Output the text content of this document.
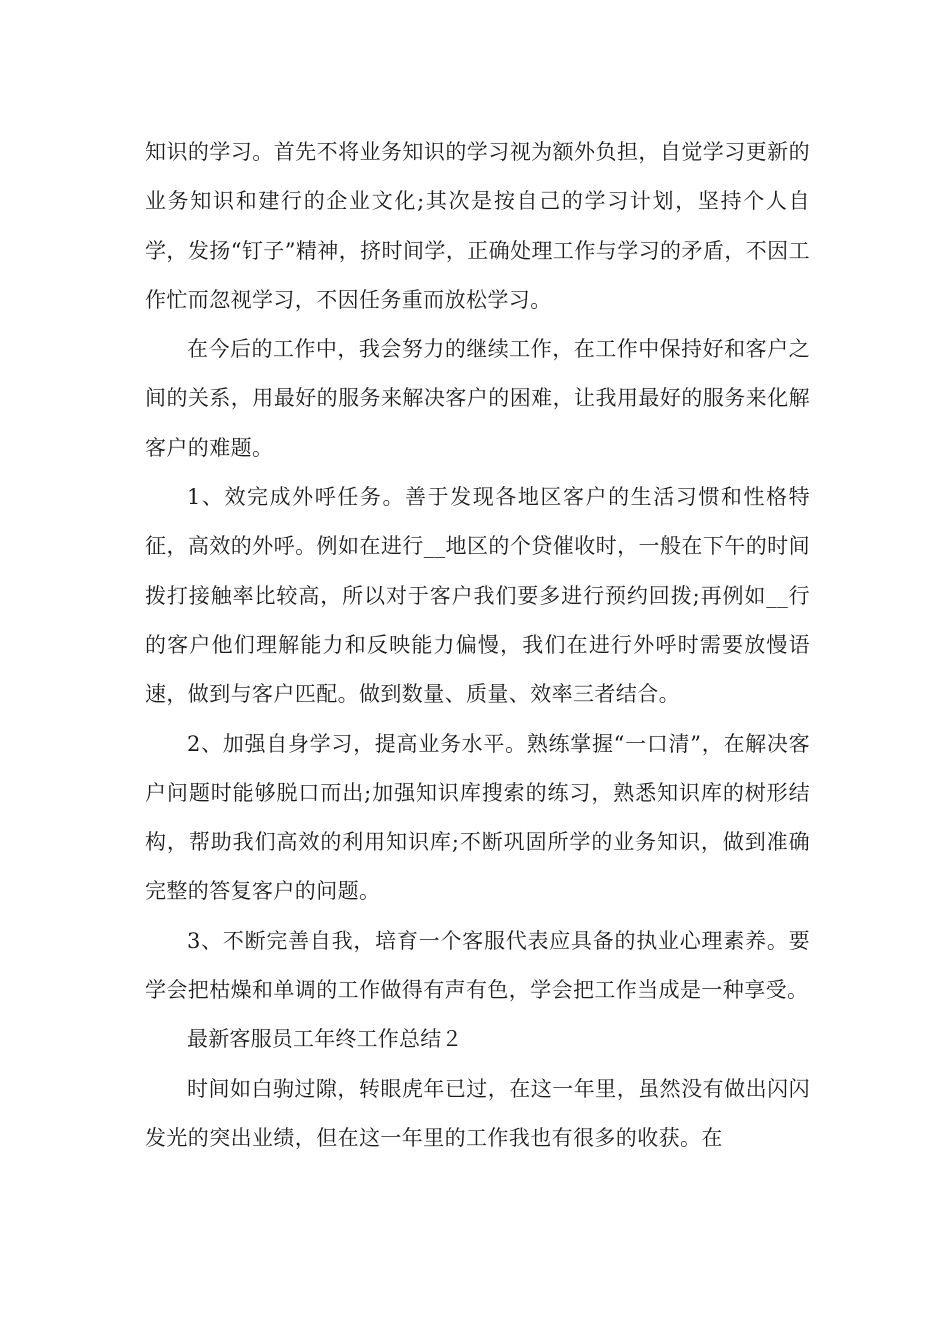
知识的学习。首先不将业务知识的学习视为额外负担，自觉学习更新的业务知识和建行的企业文化;其次是按自己的学习计划，坚持个人自学，发扬“钉子”精神，挤时间学，正确处理工作与学习的矛盾，不因工作忙而忽视学习，不因任务重而放松学习。

在今后的工作中，我会努力的继续工作，在工作中保持好和客户之间的关系，用最好的服务来解决客户的困难，让我用最好的服务来化解客户的难题。

1、效完成外呼任务。善于发现各地区客户的生活习惯和性格特征，高效的外呼。例如在进行__地区的个贷催收时，一般在下午的时间拨打接触率比较高，所以对于客户我们要多进行预约回拨;再例如__行的客户他们理解能力和反映能力偏慢，我们在进行外呼时需要放慢语速，做到与客户匹配。做到数量、质量、效率三者结合。

2、加强自身学习，提高业务水平。熟练掌握“一口清”，在解决客户问题时能够脱口而出;加强知识库搜索的练习，熟悉知识库的树形结构，帮助我们高效的利用知识库;不断巩固所学的业务知识，做到准确完整的答复客户的问题。

3、不断完善自我，培育一个客服代表应具备的执业心理素养。要学会把枯燥和单调的工作做得有声有色，学会把工作当成是一种享受。

最新客服员工年终工作总结２

时间如白驹过隙，转眼虎年已过，在这一年里，虽然没有做出闪闪发光的突出业绩，但在这一年里的工作我也有很多的收获。在
